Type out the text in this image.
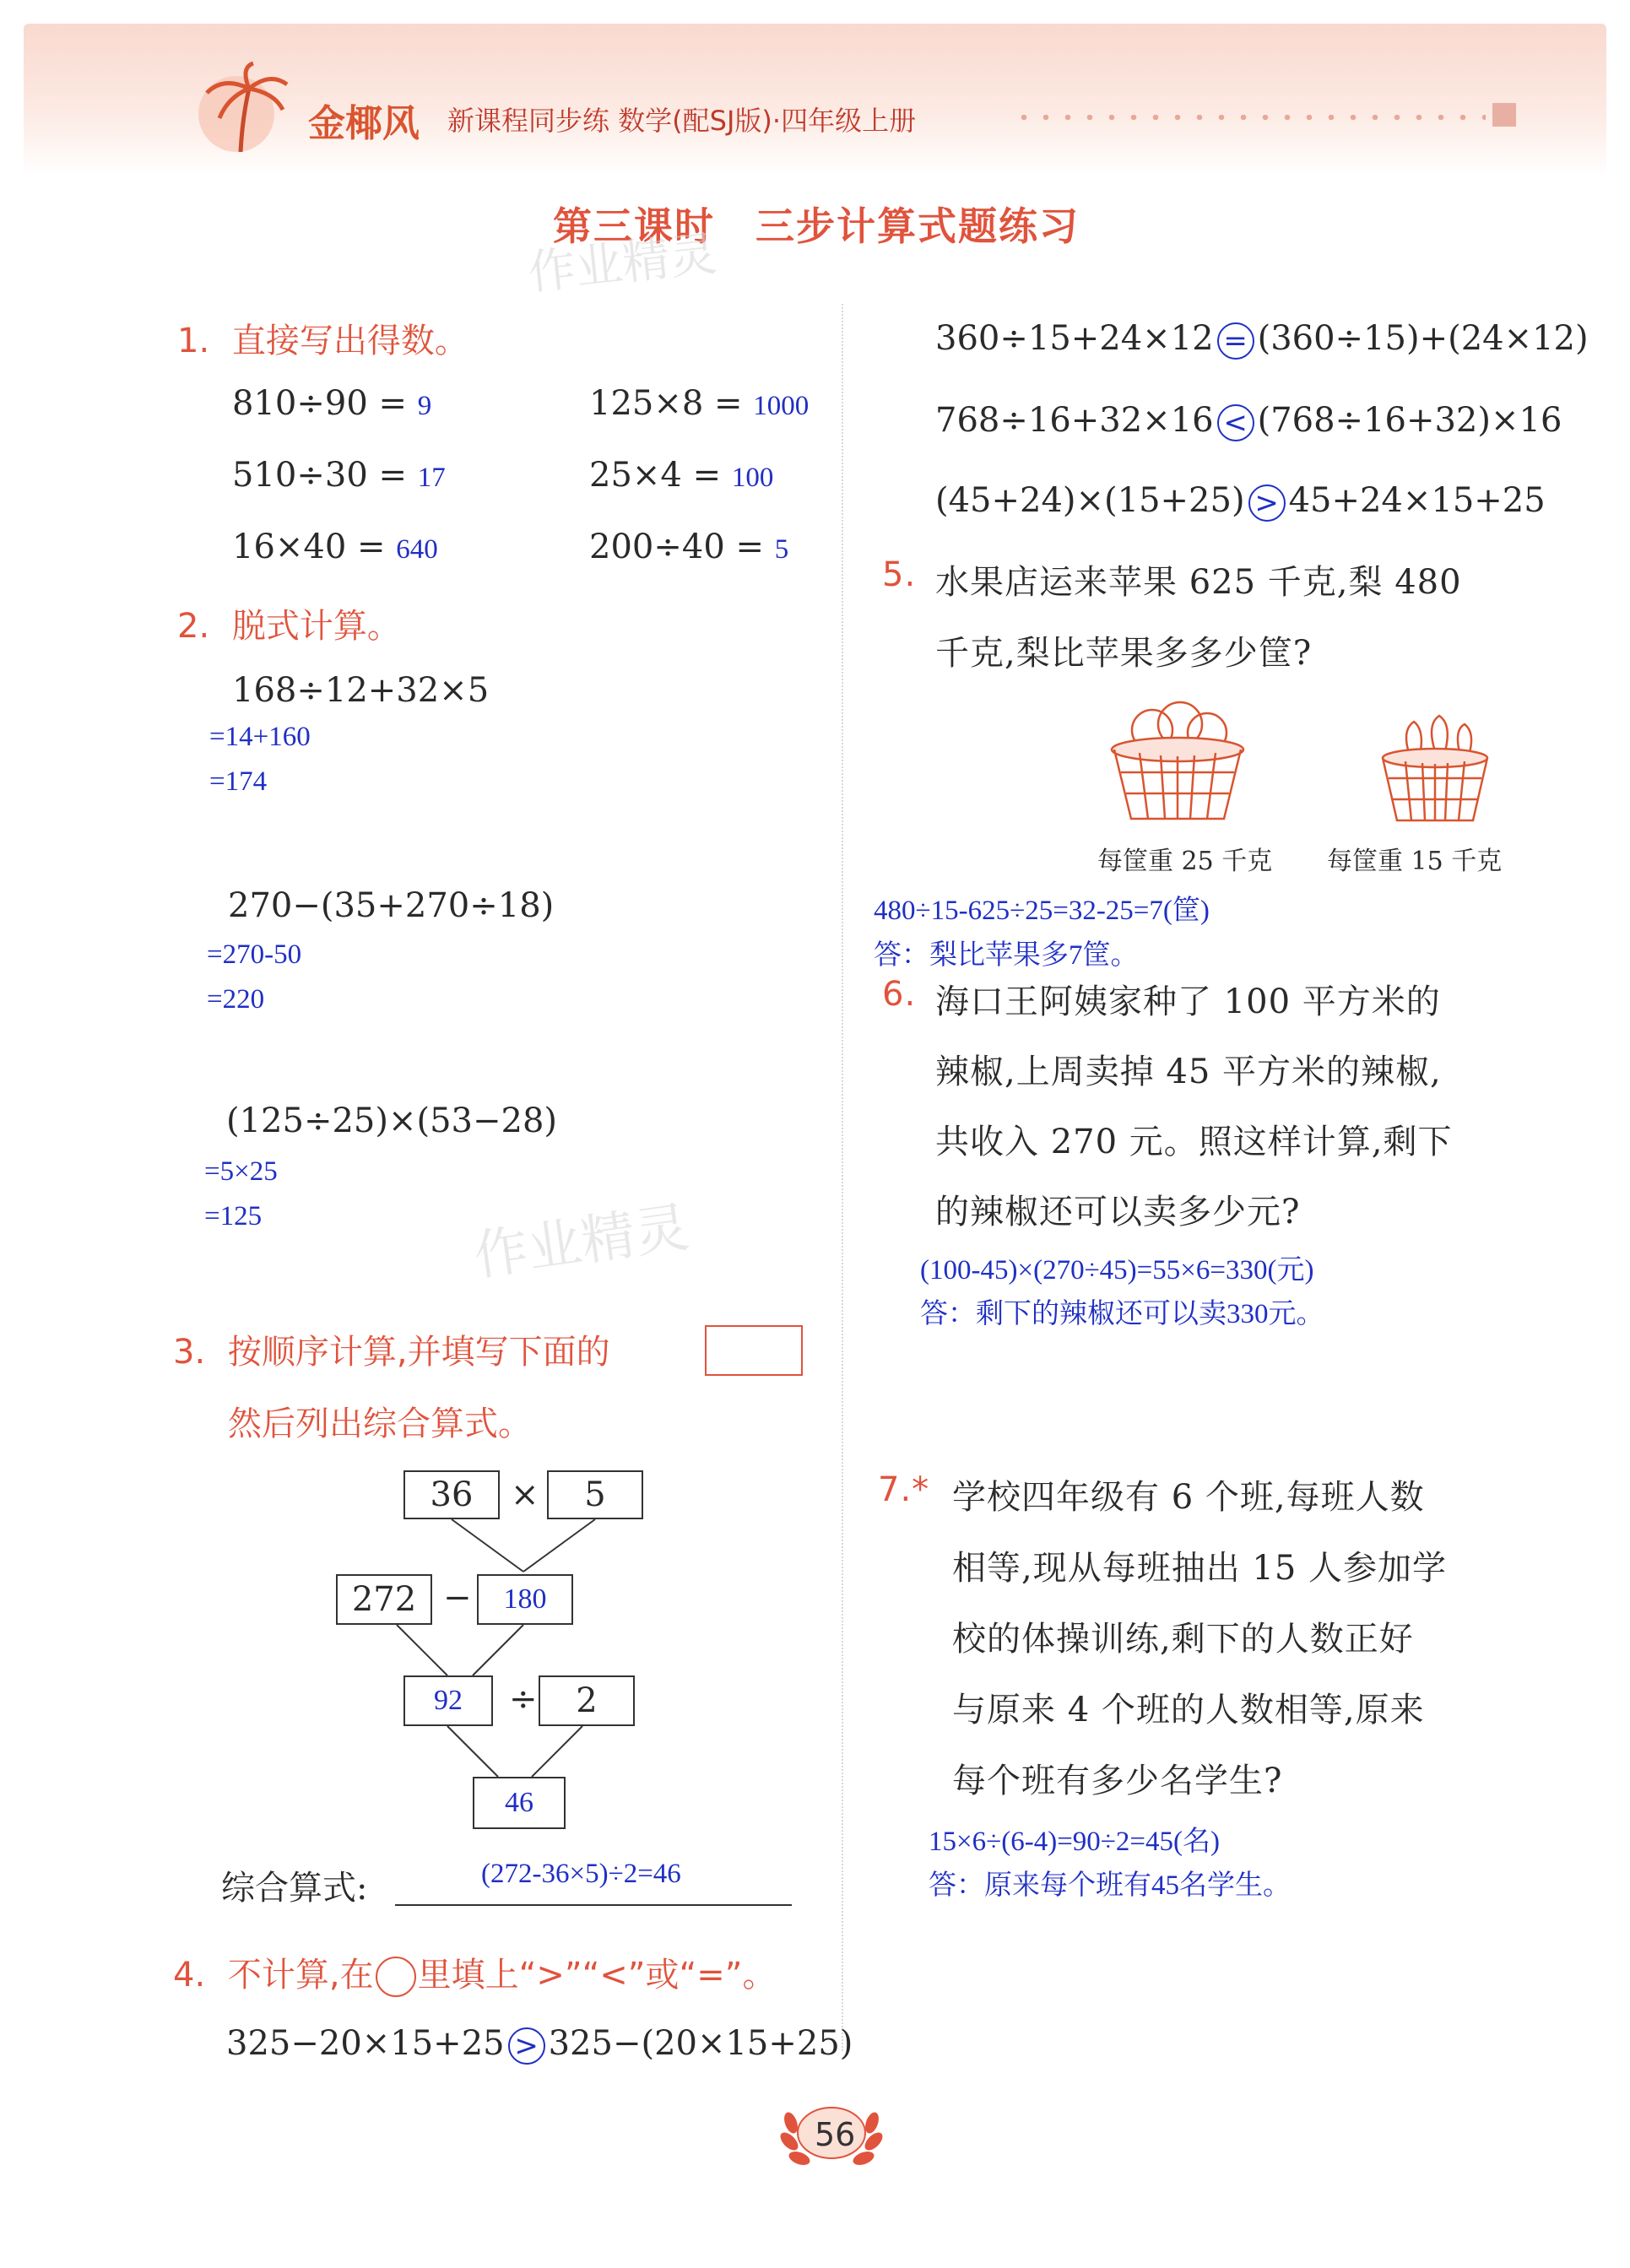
金椰风 新课程同步练 数学(配SJ版)·四年级上册
第三课时　三步计算式题练习
作业精灵
1. 直接写出得数。
810÷90 = 9	125×8 = 1000
510÷30 = 17	25×4 = 100
16×40 = 640	200÷40 = 5
2. 脱式计算。
168÷12+32×5
=14+160
=174
270−(35+270÷18)
=270-50
=220
(125÷25)×(53−28)
=5×25
=125	作业精灵
3. 按顺序计算,并填写下面的
然后列出综合算式。
36	×	5
272 −	180
92	÷	2
46
综合算式:	(272-36×5)÷2=46
4. 不计算,在 里填上“>”“<”或“=”。
325−20×15+25 > 325−(20×15+25)
360÷15+24×12 = (360÷15)+(24×12)
768÷16+32×16 < (768÷16+32)×16
(45+24)×(15+25) > 45+24×15+25
5. 水果店运来苹果 625 千克,梨 480
千克,梨比苹果多多少筐?
每筐重 25 千克 每筐重 15 千克
480÷15-625÷25=32-25=7(筐)
答：梨比苹果多7筐。
6. 海口王阿姨家种了 100 平方米的
辣椒,上周卖掉 45 平方米的辣椒,
共收入 270 元。照这样计算,剩下
的辣椒还可以卖多少元?
(100-45)×(270÷45)=55×6=330(元)
答：剩下的辣椒还可以卖330元。
7.* 学校四年级有 6 个班,每班人数
相等,现从每班抽出 15 人参加学
校的体操训练,剩下的人数正好
与原来 4 个班的人数相等,原来
每个班有多少名学生?
15×6÷(6-4)=90÷2=45(名)
答：原来每个班有45名学生。
56
